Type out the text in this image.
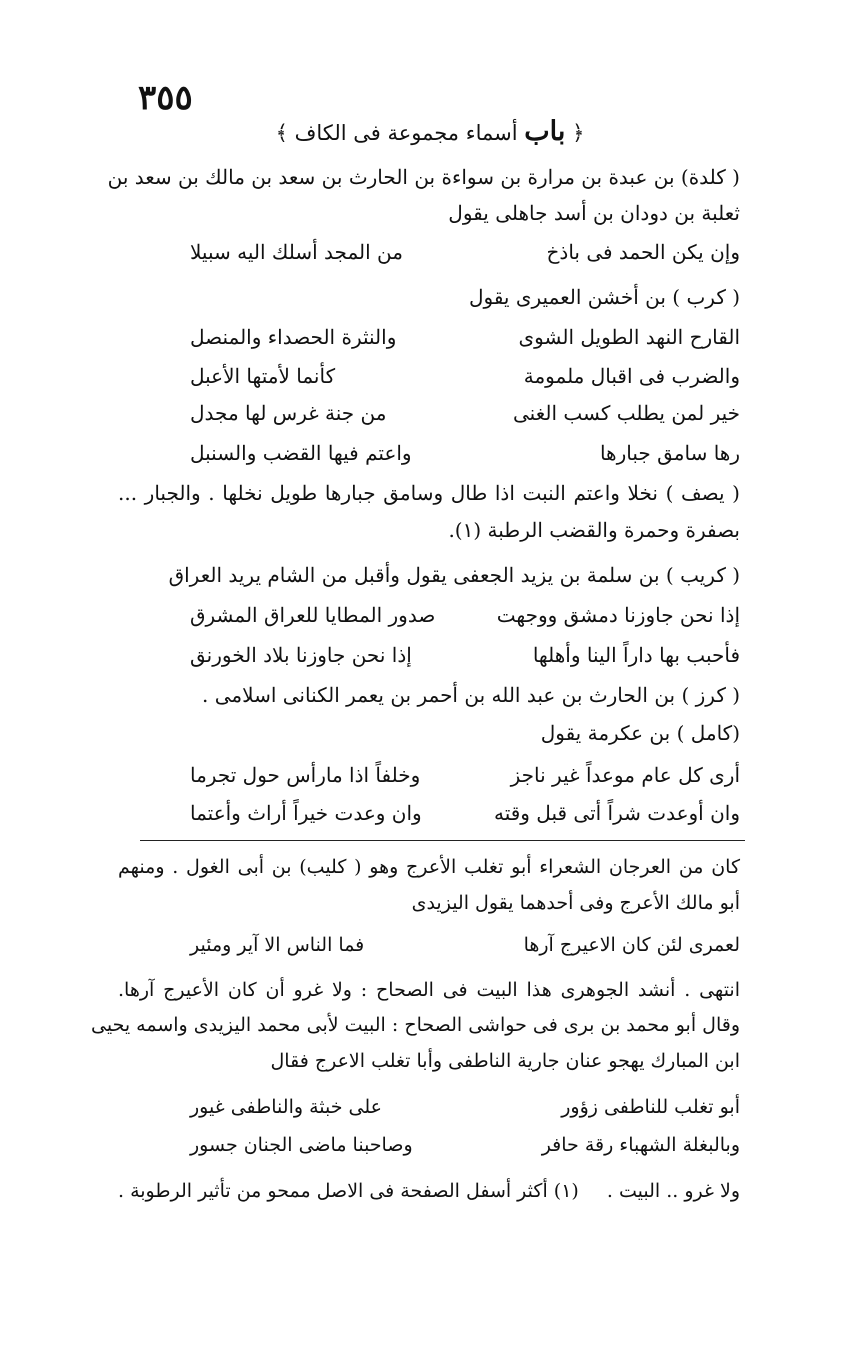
٣٥٥
﴿ باب أسماء مجموعة فى الكاف ﴾
( كلدة) بن عبدة بن مرارة بن سواءة بن الحارث بن سعد بن مالك بن سعد بن
ثعلبة بن دودان بن أسد جاهلى يقول
وإن يكن الحمد فى باذخ
من المجد أسلك اليه سبيلا
( كرب ) بن أخشن العميرى يقول
القارح النهد الطويل الشوى
والنثرة الحصداء والمنصل
والضرب فى اقبال ملمومة
كأنما لأمتها الأعبل
خير لمن يطلب كسب الغنى
من جنة غرس لها مجدل
رها سامق جبارها
واعتم فيها القضب والسنبل
( يصف ) نخلا واعتم النبت اذا طال وسامق جبارها طويل نخلها . والجبار ...
بصفرة وحمرة والقضب الرطبة (١).
( كريب ) بن سلمة بن يزيد الجعفى يقول وأقبل من الشام يريد العراق
إذا نحن جاوزنا دمشق ووجهت
صدور المطايا للعراق المشرق
فأحبب بها داراً الينا وأهلها
إذا نحن جاوزنا بلاد الخورنق
( كرز ) بن الحارث بن عبد الله بن أحمر بن يعمر الكنانى اسلامى .
(كامل ) بن عكرمة يقول
أرى كل عام موعداً غير ناجز
وخلفاً اذا مارأس حول تجرما
وان أوعدت شراً أتى قبل وقته
وان وعدت خيراً أراث وأعتما
كان من العرجان الشعراء أبو تغلب الأعرج وهو ( كليب) بن أبى الغول . ومنهم
أبو مالك الأعرج وفى أحدهما يقول اليزيدى
لعمرى لئن كان الاعيرج آرها
فما الناس الا آير ومئير
انتهى . أنشد الجوهرى هذا البيت فى الصحاح : ولا غرو أن كان الأعيرج آرها.
وقال أبو محمد بن برى فى حواشى الصحاح : البيت لأبى محمد اليزيدى واسمه يحيى
ابن المبارك يهجو عنان جارية الناطفى وأبا تغلب الاعرج فقال
أبو تغلب للناطفى زؤور
على خبثة والناطفى غيور
وبالبغلة الشهباء رقة حافر
وصاحبنا ماضى الجنان جسور
ولا غرو .. البيت .
(١) أكثر أسفل الصفحة فى الاصل ممحو من تأثير الرطوبة .
